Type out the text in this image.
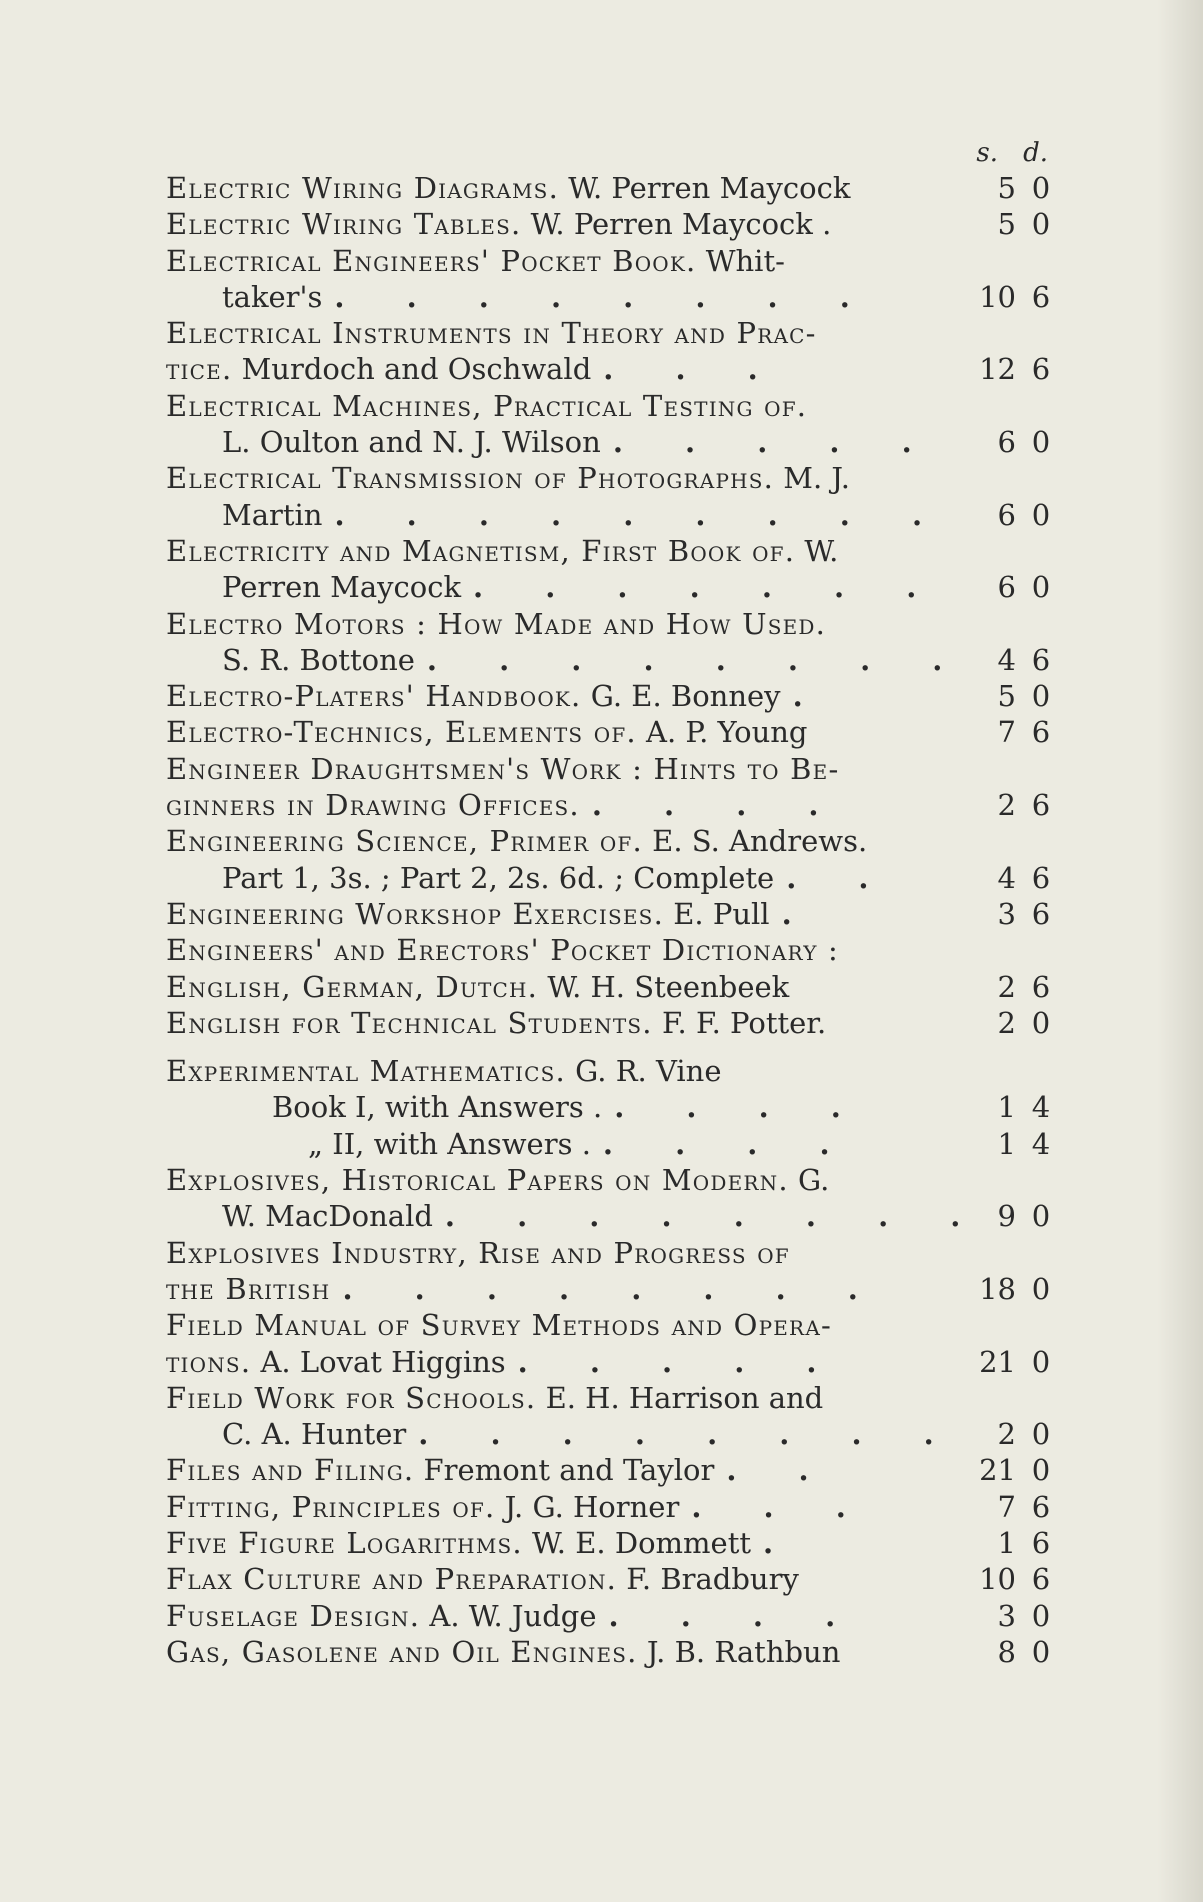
s. d.
Electric Wiring Diagrams. W. Perren Maycock	5 0
Electric Wiring Tables. W. Perren Maycock .	5 0
Electrical Engineers' Pocket Book. Whit-
taker's . . . . . . . .	10 6
Electrical Instruments in Theory and Prac-
tice. Murdoch and Oschwald . . .	12 6
Electrical Machines, Practical Testing of.
L. Oulton and N. J. Wilson . . . . .	6 0
Electrical Transmission of Photographs. M. J.
Martin . . . . . . . . .	6 0
Electricity and Magnetism, First Book of. W.
Perren Maycock . . . . . . .	6 0
Electro Motors : How Made and How Used.
S. R. Bottone . . . . . . . .	4 6
Electro-Platers' Handbook. G. E. Bonney .	5 0
Electro-Technics, Elements of. A. P. Young	7 6
Engineer Draughtsmen's Work : Hints to Be-
ginners in Drawing Offices. . . . .	2 6
Engineering Science, Primer of. E. S. Andrews.
Part 1, 3s. ; Part 2, 2s. 6d. ; Complete . .	4 6
Engineering Workshop Exercises. E. Pull .	3 6
Engineers' and Erectors' Pocket Dictionary :
English, German, Dutch. W. H. Steenbeek	2 6
English for Technical Students. F. F. Potter.	2 0
Experimental Mathematics. G. R. Vine
Book I, with Answers . . . . .	1 4
„ II, with Answers . . . . .	1 4
Explosives, Historical Papers on Modern. G.
W. MacDonald . . . . . . . . 9 0
Explosives Industry, Rise and Progress of
the British . . . . . . . .	18 0
Field Manual of Survey Methods and Opera-
tions. A. Lovat Higgins . . . . .	21 0
Field Work for Schools. E. H. Harrison and
C. A. Hunter . . . . . . . .	2 0
Files and Filing. Fremont and Taylor . .	21 0
Fitting, Principles of. J. G. Horner . . .	7 6
Five Figure Logarithms. W. E. Dommett .	1 6
Flax Culture and Preparation. F. Bradbury	10 6
Fuselage Design. A. W. Judge . . . .	3 0
Gas, Gasolene and Oil Engines. J. B. Rathbun	8 0
